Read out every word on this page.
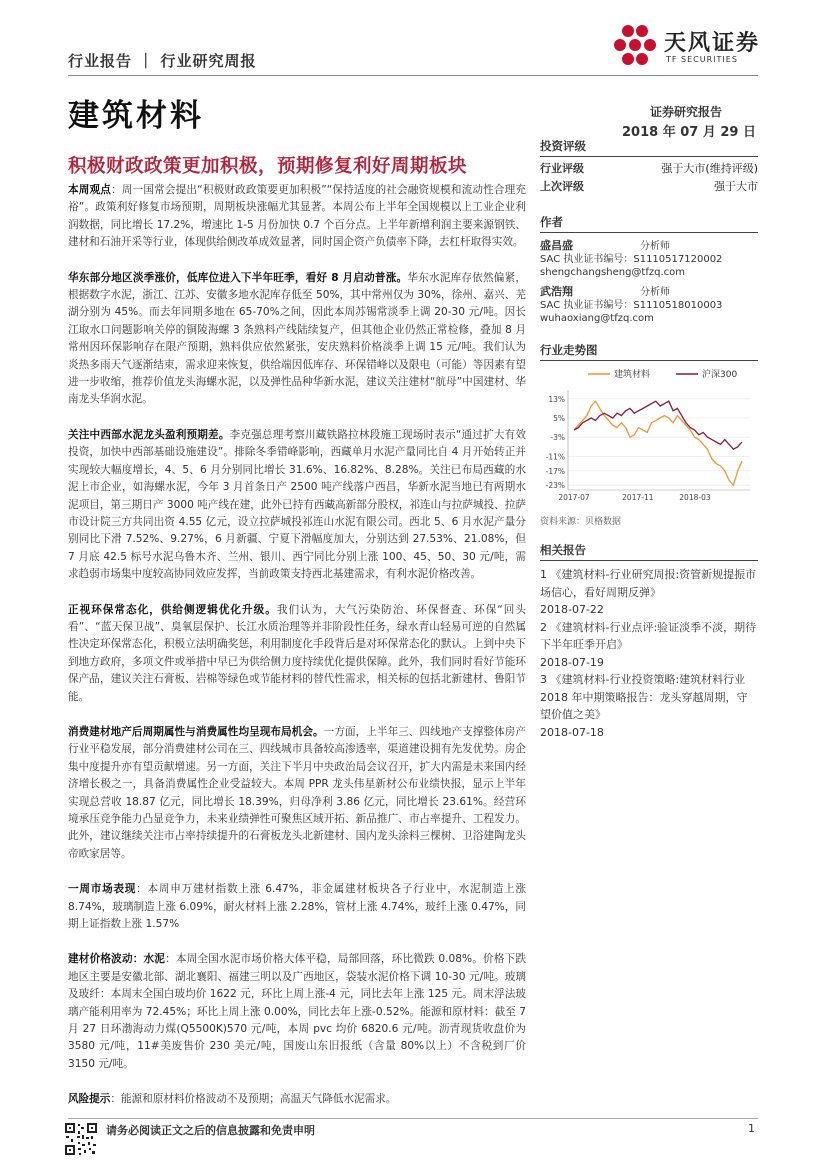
行业报告 ｜ 行业研究周报
天风证券
TF SECURITIES
建筑材料	证券研究报告
2018 年 07 月 29 日
积极财政政策更加积极，预期修复利好周期板块

本周观点：周一国常会提出“积极财政政策要更加积极”“保持适度的社会融资规模和流动性合理充裕”。政策利好修复市场预期，周期板块涨幅尤其显著。本周公布上半年全国规模以上工业企业利润数据，同比增长 17.2%，增速比 1-5 月份加快 0.7 个百分点。上半年新增利润主要来源钢铁、建材和石油开采等行业，体现供给侧改革成效显著，同时国企资产负债率下降，去杠杆取得实效。

华东部分地区淡季涨价，低库位进入下半年旺季，看好 8 月启动普涨。华东水泥库存依然偏紧，根据数字水泥，浙江、江苏、安徽多地水泥库存低至 50%，其中常州仅为 30%，徐州、嘉兴、芜湖分别为 45%。而去年同期多地在 65-70%之间，因此本周苏锡常淡季上调 20-30 元/吨。因长江取水口问题影响关停的铜陵海螺 3 条熟料产线陆续复产，但其他企业仍然正常检修，叠加 8 月常州因环保影响存在限产预期，熟料供应依然紧张，安庆熟料价格淡季上调 15 元/吨。我们认为炎热多雨天气逐渐结束，需求迎来恢复，供给端因低库存、环保错峰以及限电（可能）等因素有望进一步收缩，推荐价值龙头海螺水泥，以及弹性品种华新水泥，建议关注建材“航母”中国建材、华南龙头华润水泥。

关注中西部水泥龙头盈利预期差。李克强总理考察川藏铁路拉林段施工现场时表示“通过扩大有效投资，加快中西部基础设施建设”。排除冬季错峰影响，西藏单月水泥产量同比自 4 月开始转正并实现较大幅度增长，4、5、6 月分别同比增长 31.6%、16.82%、8.28%。关注已布局西藏的水泥上市企业，如海螺水泥，今年 3 月首条日产 2500 吨产线落户西昌，华新水泥当地已有两期水泥项目，第三期日产 3000 吨产线在建，此外已持有西藏高新部分股权，祁连山与拉萨城投、拉萨市设计院三方共同出资 4.55 亿元，设立拉萨城投祁连山水泥有限公司。西北 5、6 月水泥产量分别同比下滑 7.52%、9.27%，6 月新疆、宁夏下滑幅度加大，分别达到 27.53%、21.08%，但 7 月底 42.5 标号水泥乌鲁木齐、兰州、银川、西宁同比分别上涨 100、45、50、30 元/吨，需求趋弱市场集中度较高协同效应发挥，当前政策支持西北基建需求，有利水泥价格改善。

正视环保常态化，供给侧逻辑优化升级。我们认为，大气污染防治、环保督查、环保“回头看”、“蓝天保卫战”、臭氧层保护、长江水质治理等并非阶段性任务，绿水青山轻易可逆的自然属性决定环保常态化，积极立法明确奖惩，利用制度化手段背后是对环保常态化的默认。上到中央下到地方政府，多项文件或举措中早已为供给侧力度持续优化提供保障。此外，我们同时看好节能环保产品，建议关注石膏板、岩棉等绿色或节能材料的替代性需求，相关标的包括北新建材、鲁阳节能。

消费建材地产后周期属性与消费属性均呈现布局机会。一方面，上半年三、四线地产支撑整体房产行业平稳发展，部分消费建材公司在三、四线城市具备较高渗透率，渠道建设拥有先发优势。房企集中度提升亦有望贡献增速。另一方面，关注下半月中央政治局会议召开，扩大内需是未来国内经济增长极之一，具备消费属性企业受益较大。本周 PPR 龙头伟星新材公布业绩快报，显示上半年实现总营收 18.87 亿元，同比增长 18.39%，归母净利 3.86 亿元，同比增长 23.61%。经营环境承压竞争能力凸显竞争力，未来业绩弹性可聚焦区域开拓、新品推广、市占率提升、工程发力。此外，建议继续关注市占率持续提升的石膏板龙头北新建材、国内龙头涂料三棵树、卫浴建陶龙头帝欧家居等。

一周市场表现：本周申万建材指数上涨 6.47%，非金属建材板块各子行业中，水泥制造上涨 8.74%，玻璃制造上涨 6.09%，耐火材料上涨 2.28%，管材上涨 4.74%，玻纤上涨 0.47%，同期上证指数上涨 1.57%

建材价格波动：水泥：本周全国水泥市场价格大体平稳，局部回落，环比微跌 0.08%。价格下跌地区主要是安徽北部、湖北襄阳、福建三明以及广西地区，袋装水泥价格下调 10-30 元/吨。玻璃及玻纤：本周末全国白玻均价 1622 元，环比上周上涨-4 元，同比去年上涨 125 元。周末浮法玻璃产能利用率为 72.45%；环比上周上涨 0.00%，同比去年上涨-0.52%。能源和原材料：截至 7 月 27 日环渤海动力煤(Q5500K)570 元/吨，本周 pvc 均价 6820.6 元/吨。沥青现货收盘价为 3580 元/吨，11#美废售价 230 美元/吨，国废山东旧报纸（含量 80%以上）不含税到厂价 3150 元/吨。

风险提示：能源和原材料价格波动不及预期；高温天气降低水泥需求。

投资评级
行业评级	强于大市(维持评级)
上次评级	强于大市
作者
盛昌盛	分析师
SAC 执业证书编号：S1110517120002
shengchangsheng@tfzq.com
武浩翔	分析师
SAC 执业证书编号：S1110518010003
wuhaoxiang@tfzq.com
行业走势图
建筑材料	沪深300
13%
5%
-3%
-11%
-17%
-23%
2017-07	2017-11	2018-03
资料来源：贝格数据
相关报告
1 《建筑材料-行业研究周报:资管新规提振市场信心，看好周期反弹》
2018-07-22
2 《建筑材料-行业点评:验证淡季不淡，期待下半年旺季开启》
2018-07-19
3 《建筑材料-行业投资策略:建筑材料行业 2018 年中期策略报告：龙头穿越周期，守望价值之美》
2018-07-18
请务必阅读正文之后的信息披露和免责申明	1
